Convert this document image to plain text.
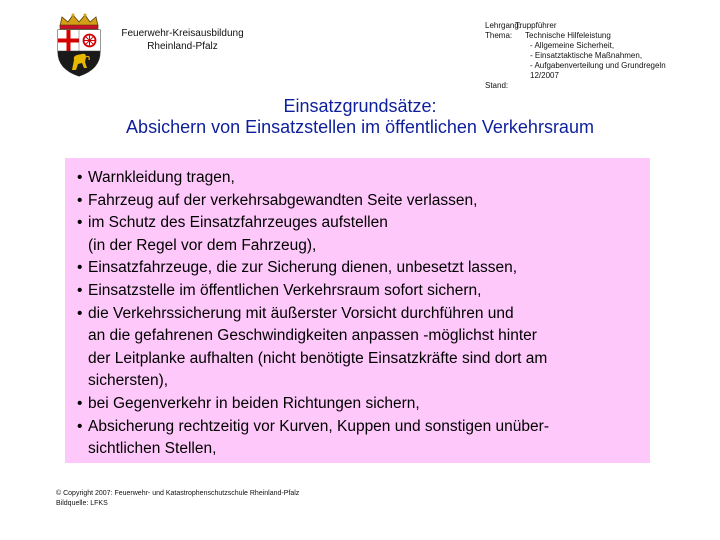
Feuerwehr-Kreisausbildung
Rheinland-Pfalz
Lehrgang:
Thema:
Stand:
Truppführer
Technische Hilfeleistung
- Allgemeine Sicherheit,
- Einsatztaktische Maßnahmen,
- Aufgabenverteilung und Grundregeln
12/2007
Einsatzgrundsätze:
Absichern von Einsatzstellen im öffentlichen Verkehrsraum
• Warnkleidung tragen,
• Fahrzeug auf der verkehrsabgewandten Seite verlassen,
• im Schutz des Einsatzfahrzeuges aufstellen
(in der Regel vor dem Fahrzeug),
• Einsatzfahrzeuge, die zur Sicherung dienen, unbesetzt lassen,
• Einsatzstelle im öffentlichen Verkehrsraum sofort sichern,
• die Verkehrssicherung mit äußerster Vorsicht durchführen und
an die gefahrenen Geschwindigkeiten anpassen -möglichst hinter
der Leitplanke aufhalten (nicht benötigte Einsatzkräfte sind dort am
sichersten),
• bei Gegenverkehr in beiden Richtungen sichern,
• Absicherung rechtzeitig vor Kurven, Kuppen und sonstigen unüber-
sichtlichen Stellen,
© Copyright 2007: Feuerwehr- und Katastrophenschutzschule Rheinland-Pfalz
Bildquelle: LFKS
